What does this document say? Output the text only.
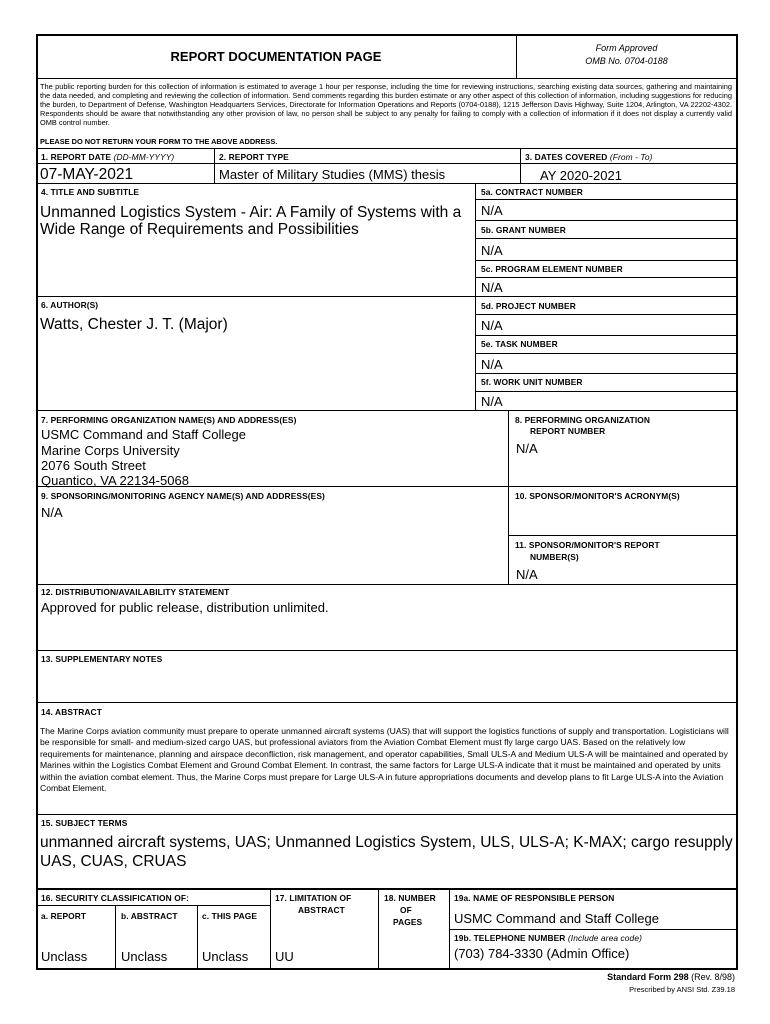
REPORT DOCUMENTATION PAGE
Form Approved
OMB No. 0704-0188
The public reporting burden for this collection of information is estimated to average 1 hour per response, including the time for reviewing instructions, searching existing data sources, gathering and maintaining the data needed, and completing and reviewing the collection of information. Send comments regarding this burden estimate or any other aspect of this collection of information, including suggestions for reducing the burden, to Department of Defense, Washington Headquarters Services, Directorate for Information Operations and Reports (0704-0188), 1215 Jefferson Davis Highway, Suite 1204, Arlington, VA 22202-4302. Respondents should be aware that notwithstanding any other provision of law, no person shall be subject to any penalty for failing to comply with a collection of information if it does not display a currently valid OMB control number.
PLEASE DO NOT RETURN YOUR FORM TO THE ABOVE ADDRESS.
1. REPORT DATE (DD-MM-YYYY)
07-MAY-2021
2. REPORT TYPE
Master of Military Studies (MMS) thesis
3. DATES COVERED (From - To)
AY 2020-2021
4. TITLE AND SUBTITLE
Unmanned Logistics System - Air: A Family of Systems with a
Wide Range of Requirements and Possibilities
5a. CONTRACT NUMBER
N/A
5b. GRANT NUMBER
N/A
5c. PROGRAM ELEMENT NUMBER
N/A
5d. PROJECT NUMBER
N/A
5e. TASK NUMBER
N/A
5f. WORK UNIT NUMBER
N/A
6. AUTHOR(S)
Watts, Chester J. T. (Major)
7. PERFORMING ORGANIZATION NAME(S) AND ADDRESS(ES)
USMC Command and Staff College
Marine Corps University
2076 South Street
Quantico, VA 22134-5068
8. PERFORMING ORGANIZATION
REPORT NUMBER
N/A
9. SPONSORING/MONITORING AGENCY NAME(S) AND ADDRESS(ES)
N/A
10. SPONSOR/MONITOR'S ACRONYM(S)
11. SPONSOR/MONITOR'S REPORT
NUMBER(S)
N/A
12. DISTRIBUTION/AVAILABILITY STATEMENT
Approved for public release, distribution unlimited.
13. SUPPLEMENTARY NOTES
14. ABSTRACT
The Marine Corps aviation community must prepare to operate unmanned aircraft systems (UAS) that will support the logistics functions of supply and transportation. Logisticians will be responsible for small- and medium-sized cargo UAS, but professional aviators from the Aviation Combat Element must fly large cargo UAS. Based on the relatively low requirements for maintenance, planning and airspace deconfliction, risk management, and operator capabilities, Small ULS-A and Medium ULS-A will be maintained and operated by Marines within the Logistics Combat Element and Ground Combat Element. In contrast, the same factors for Large ULS-A indicate that it must be maintained and operated by units within the aviation combat element. Thus, the Marine Corps must prepare for Large ULS-A in future appropriations documents and develop plans to fit Large ULS-A into the Aviation Combat Element.
15. SUBJECT TERMS
unmanned aircraft systems, UAS; Unmanned Logistics System, ULS, ULS-A; K-MAX; cargo resupply
UAS, CUAS, CRUAS
16. SECURITY CLASSIFICATION OF:
a. REPORT	b. ABSTRACT	c. THIS PAGE
Unclass	Unclass	Unclass
17. LIMITATION OF
ABSTRACT
UU
18. NUMBER
OF
PAGES
19a. NAME OF RESPONSIBLE PERSON
USMC Command and Staff College
19b. TELEPHONE NUMBER (Include area code)
(703) 784-3330 (Admin Office)
Standard Form 298 (Rev. 8/98)
Prescribed by ANSI Std. Z39.18
